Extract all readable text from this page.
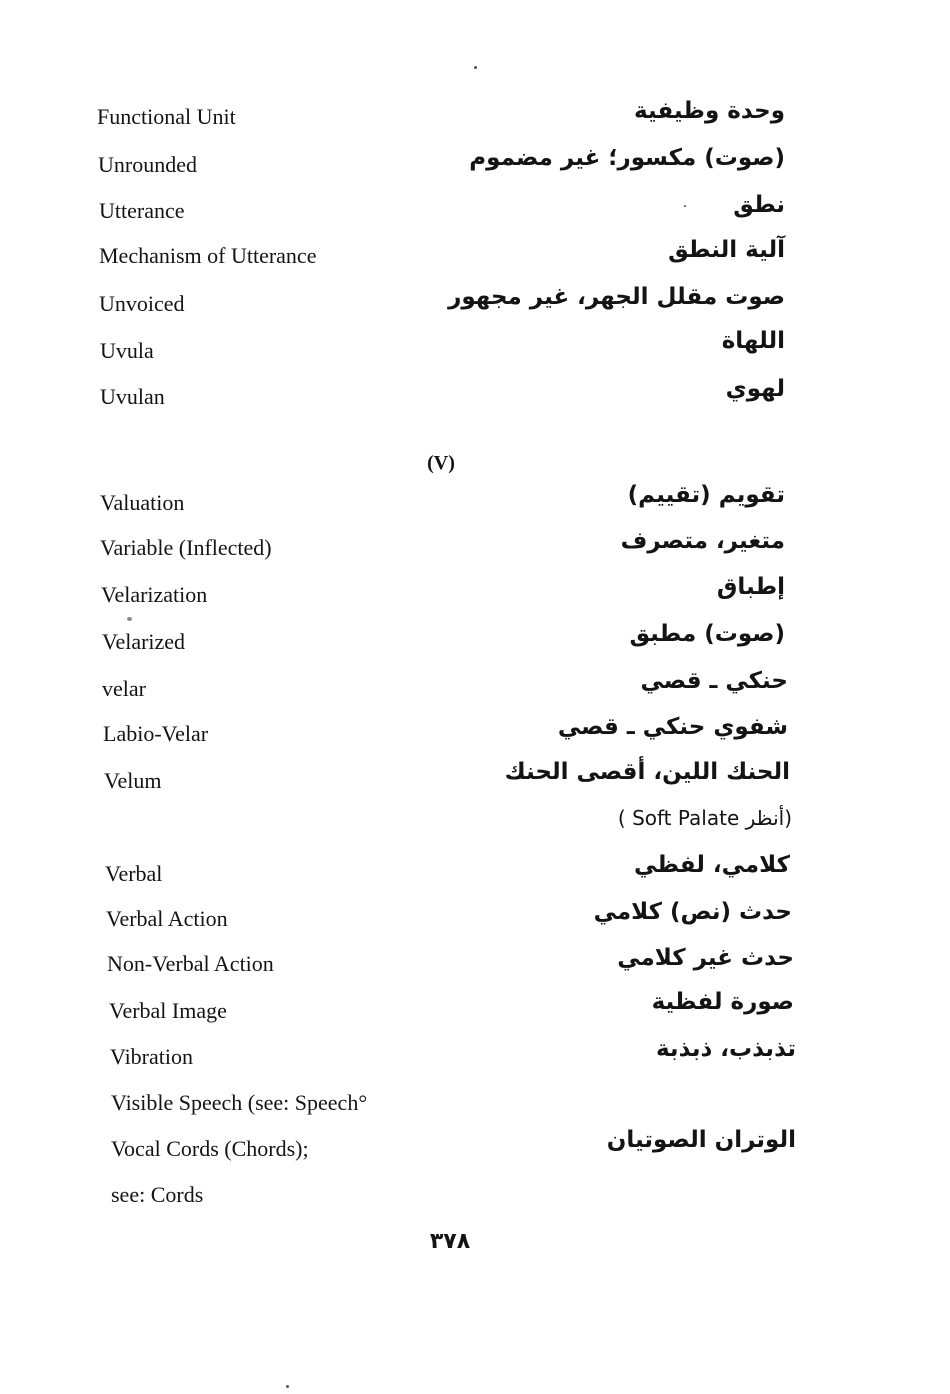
Functional Unit	وحدة وظيفية
Unrounded	(صوت) مكسور؛ غير مضموم
Utterance	نطق
Mechanism of Utterance	آلية النطق
Unvoiced	صوت مقلل الجهر، غير مجهور
Uvula	اللهاة
Uvulan	لهوي
(V)
Valuation	تقويم (تقييم)
Variable (Inflected)	متغير، متصرف
Velarization	إطباق
Velarized	(صوت) مطبق
velar	حنكي ـ قصي
Labio-Velar	شفوي حنكي ـ قصي
Velum	الحنك اللين، أقصى الحنك
(أنظر Soft Palate )
Verbal	كلامي، لفظي
Verbal Action	حدث (نص) كلامي
Non-Verbal Action	حدث غير كلامي
Verbal Image	صورة لفظية
Vibration	تذبذب، ذبذبة
Visible Speech (see: Speech°
Vocal Cords (Chords);	الوتران الصوتيان
see: Cords
٣٧٨
